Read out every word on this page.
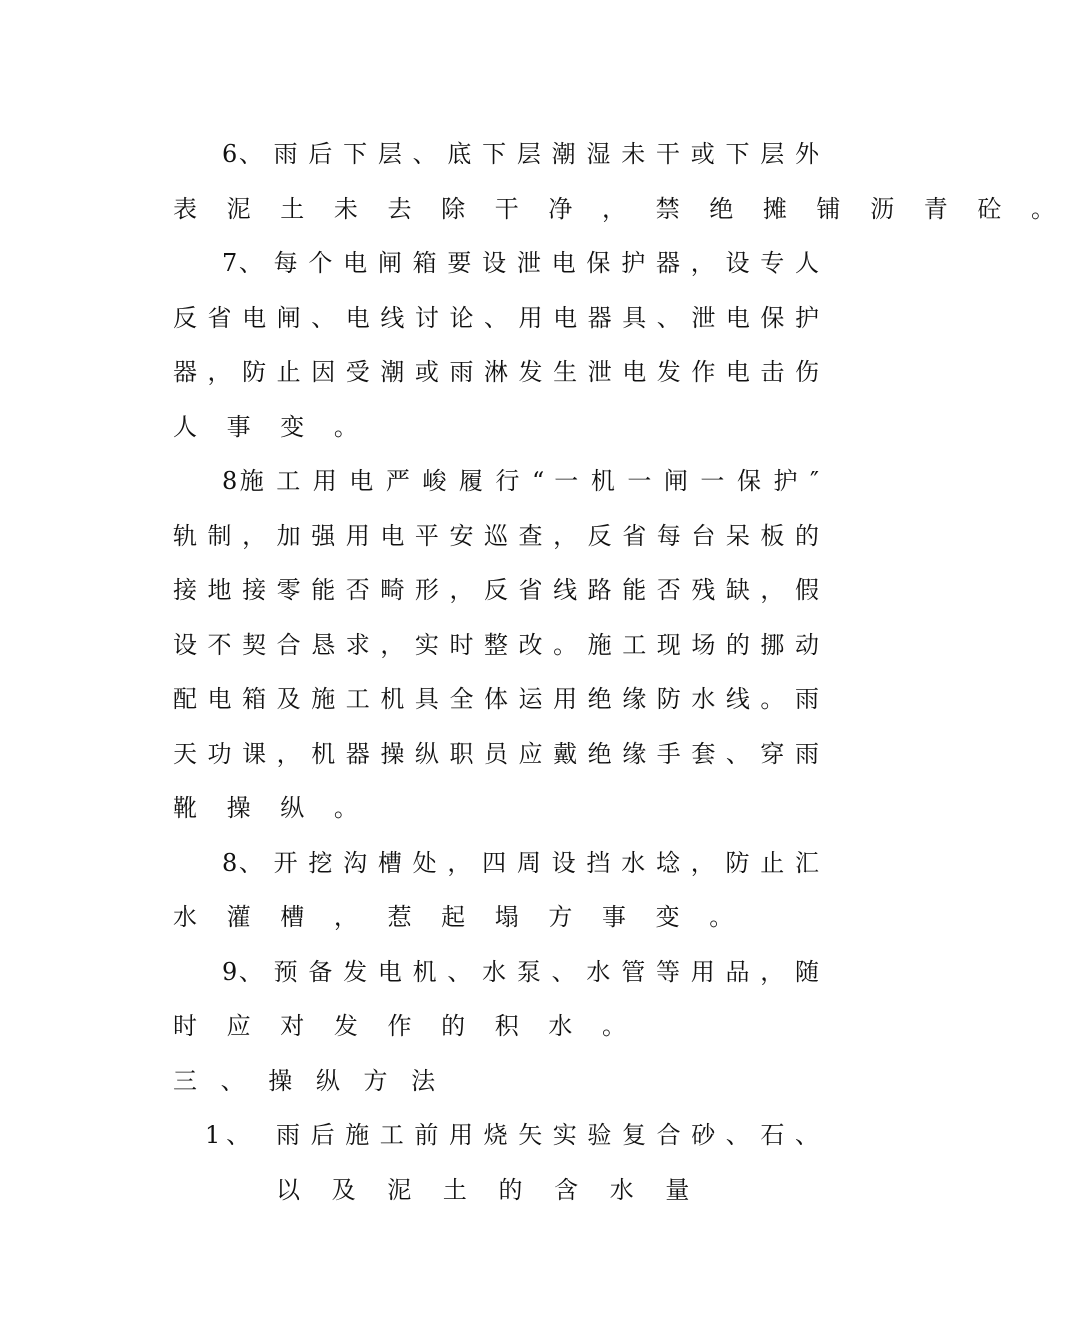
6、 雨 后 下 层 、 底 下 层 潮 湿 未 干 或 下 层 外
表 泥 土 未 去 除 干 净 ， 禁 绝 摊 铺 沥 青 砼 。
7、 每 个 电 闸 箱 要 设 泄 电 保 护 器 ， 设 专 人
反 省 电 闸 、 电 线 讨 论 、 用 电 器 具 、 泄 电 保 护
器 ， 防 止 因 受 潮 或 雨 淋 发 生 泄 电 发 作 电 击 伤
人 事 变 。
8施 工 用 电 严 峻 履 行 “ 一 机 一 闸 一 保 护 ″
轨 制 ， 加 强 用 电 平 安 巡 查 ， 反 省 每 台 呆 板 的
接 地 接 零 能 否 畸 形 ， 反 省 线 路 能 否 残 缺 ， 假
设 不 契 合 恳 求 ， 实 时 整 改 。 施 工 现 场 的 挪 动
配 电 箱 及 施 工 机 具 全 体 运 用 绝 缘 防 水 线 。 雨
天 功 课 ， 机 器 操 纵 职 员 应 戴 绝 缘 手 套 、 穿 雨
靴 操 纵 。
8、 开 挖 沟 槽 处 ， 四 周 设 挡 水 埝 ， 防 止 汇
水 灌 槽 ， 惹 起 塌 方 事 变 。
9、 预 备 发 电 机 、 水 泵 、 水 管 等 用 品 ， 随
时 应 对 发 作 的 积 水 。
三 、 操 纵 方 法
1、 雨 后 施 工 前 用 烧 矢 实 验 复 合 砂 、 石 、
以 及 泥 土 的 含 水 量
